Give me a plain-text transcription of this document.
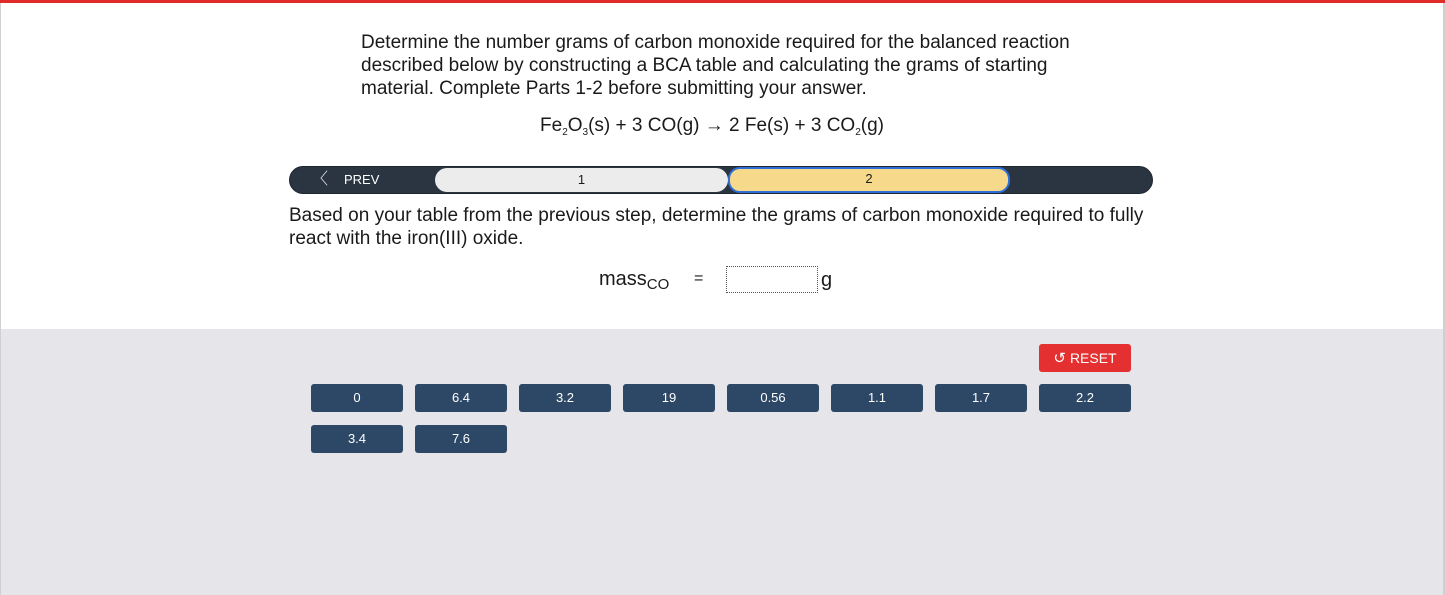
Determine the number grams of carbon monoxide required for the balanced reaction described below by constructing a BCA table and calculating the grams of starting material. Complete Parts 1-2 before submitting your answer.

$Fe_2O_3(s) + 3$ CO(g) → 2 Fe(s) + 3 $CO_2(g)$
〈 PREV	1	2

Based on your table from the previous step, determine the grams of carbon monoxide required to fully react with the iron(III) oxide.

mass$_{CO}$ =	g
↺ RESET
0	6.4	3.2	19	0.56	1.1	1.7	2.2
3.4	7.6
